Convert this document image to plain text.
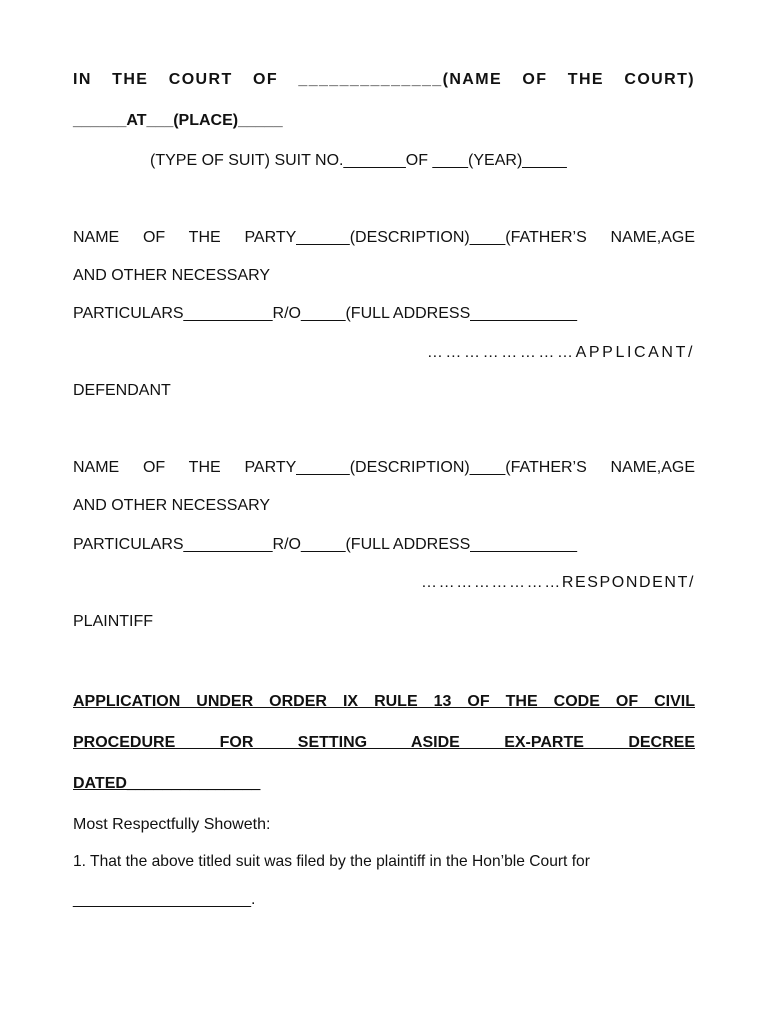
IN THE COURT OF ______________(NAME OF THE COURT)
______AT___(PLACE)_____
(TYPE OF SUIT) SUIT NO._______OF ____(YEAR)_____
NAME OF THE PARTY______(DESCRIPTION)____(FATHER’S NAME,AGE
AND OTHER NECESSARY
PARTICULARS__________R/O_____(FULL ADDRESS____________
……………………APPLICANT/
DEFENDANT
NAME OF THE PARTY______(DESCRIPTION)____(FATHER’S NAME,AGE
AND OTHER NECESSARY
PARTICULARS__________R/O_____(FULL ADDRESS____________
……………………RESPONDENT/
PLAINTIFF
APPLICATION UNDER ORDER IX RULE 13 OF THE CODE OF CIVIL
PROCEDURE FOR SETTING ASIDE EX-PARTE DECREE
DATED_______________
Most Respectfully Showeth:
1. That the above titled suit was filed by the plaintiff in the Hon’ble Court for
____________________.
